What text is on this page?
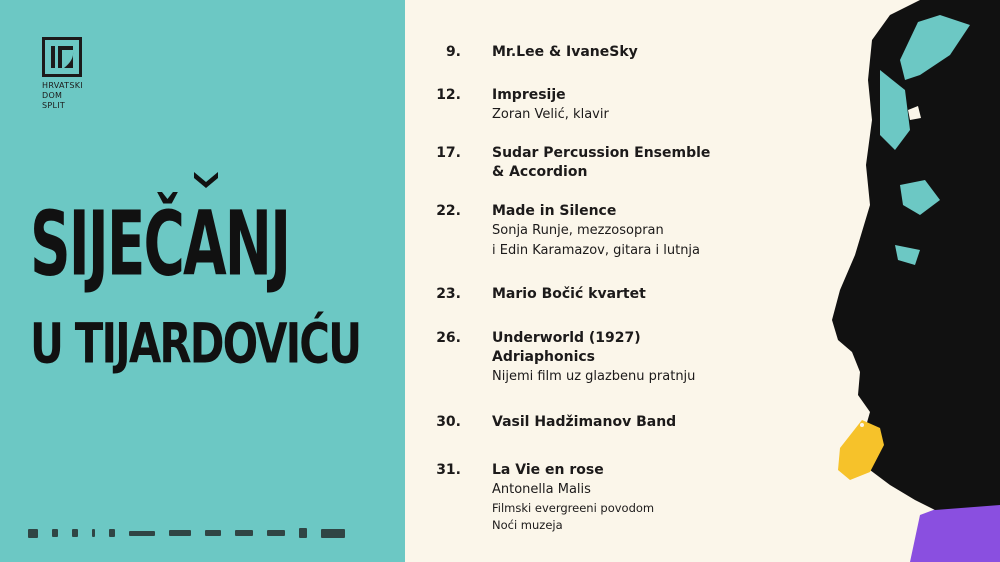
HRVATSKI
DOM
SPLIT
SIJEČANJ
U TIJARDOVIĆU
9. Mr.Lee & IvaneSky
12. Impresije
Zoran Velić, klavir
17. Sudar Percussion Ensemble
& Accordion
22. Made in Silence
Sonja Runje, mezzosopran
i Edin Karamazov, gitara i lutnja
23. Mario Bočić kvartet
26. Underworld (1927)
Adriaphonics
Nijemi film uz glazbenu pratnju
30. Vasil Hadžimanov Band
31. La Vie en rose
Antonella Malis
Filmski evergreeni povodom
Noći muzeja
